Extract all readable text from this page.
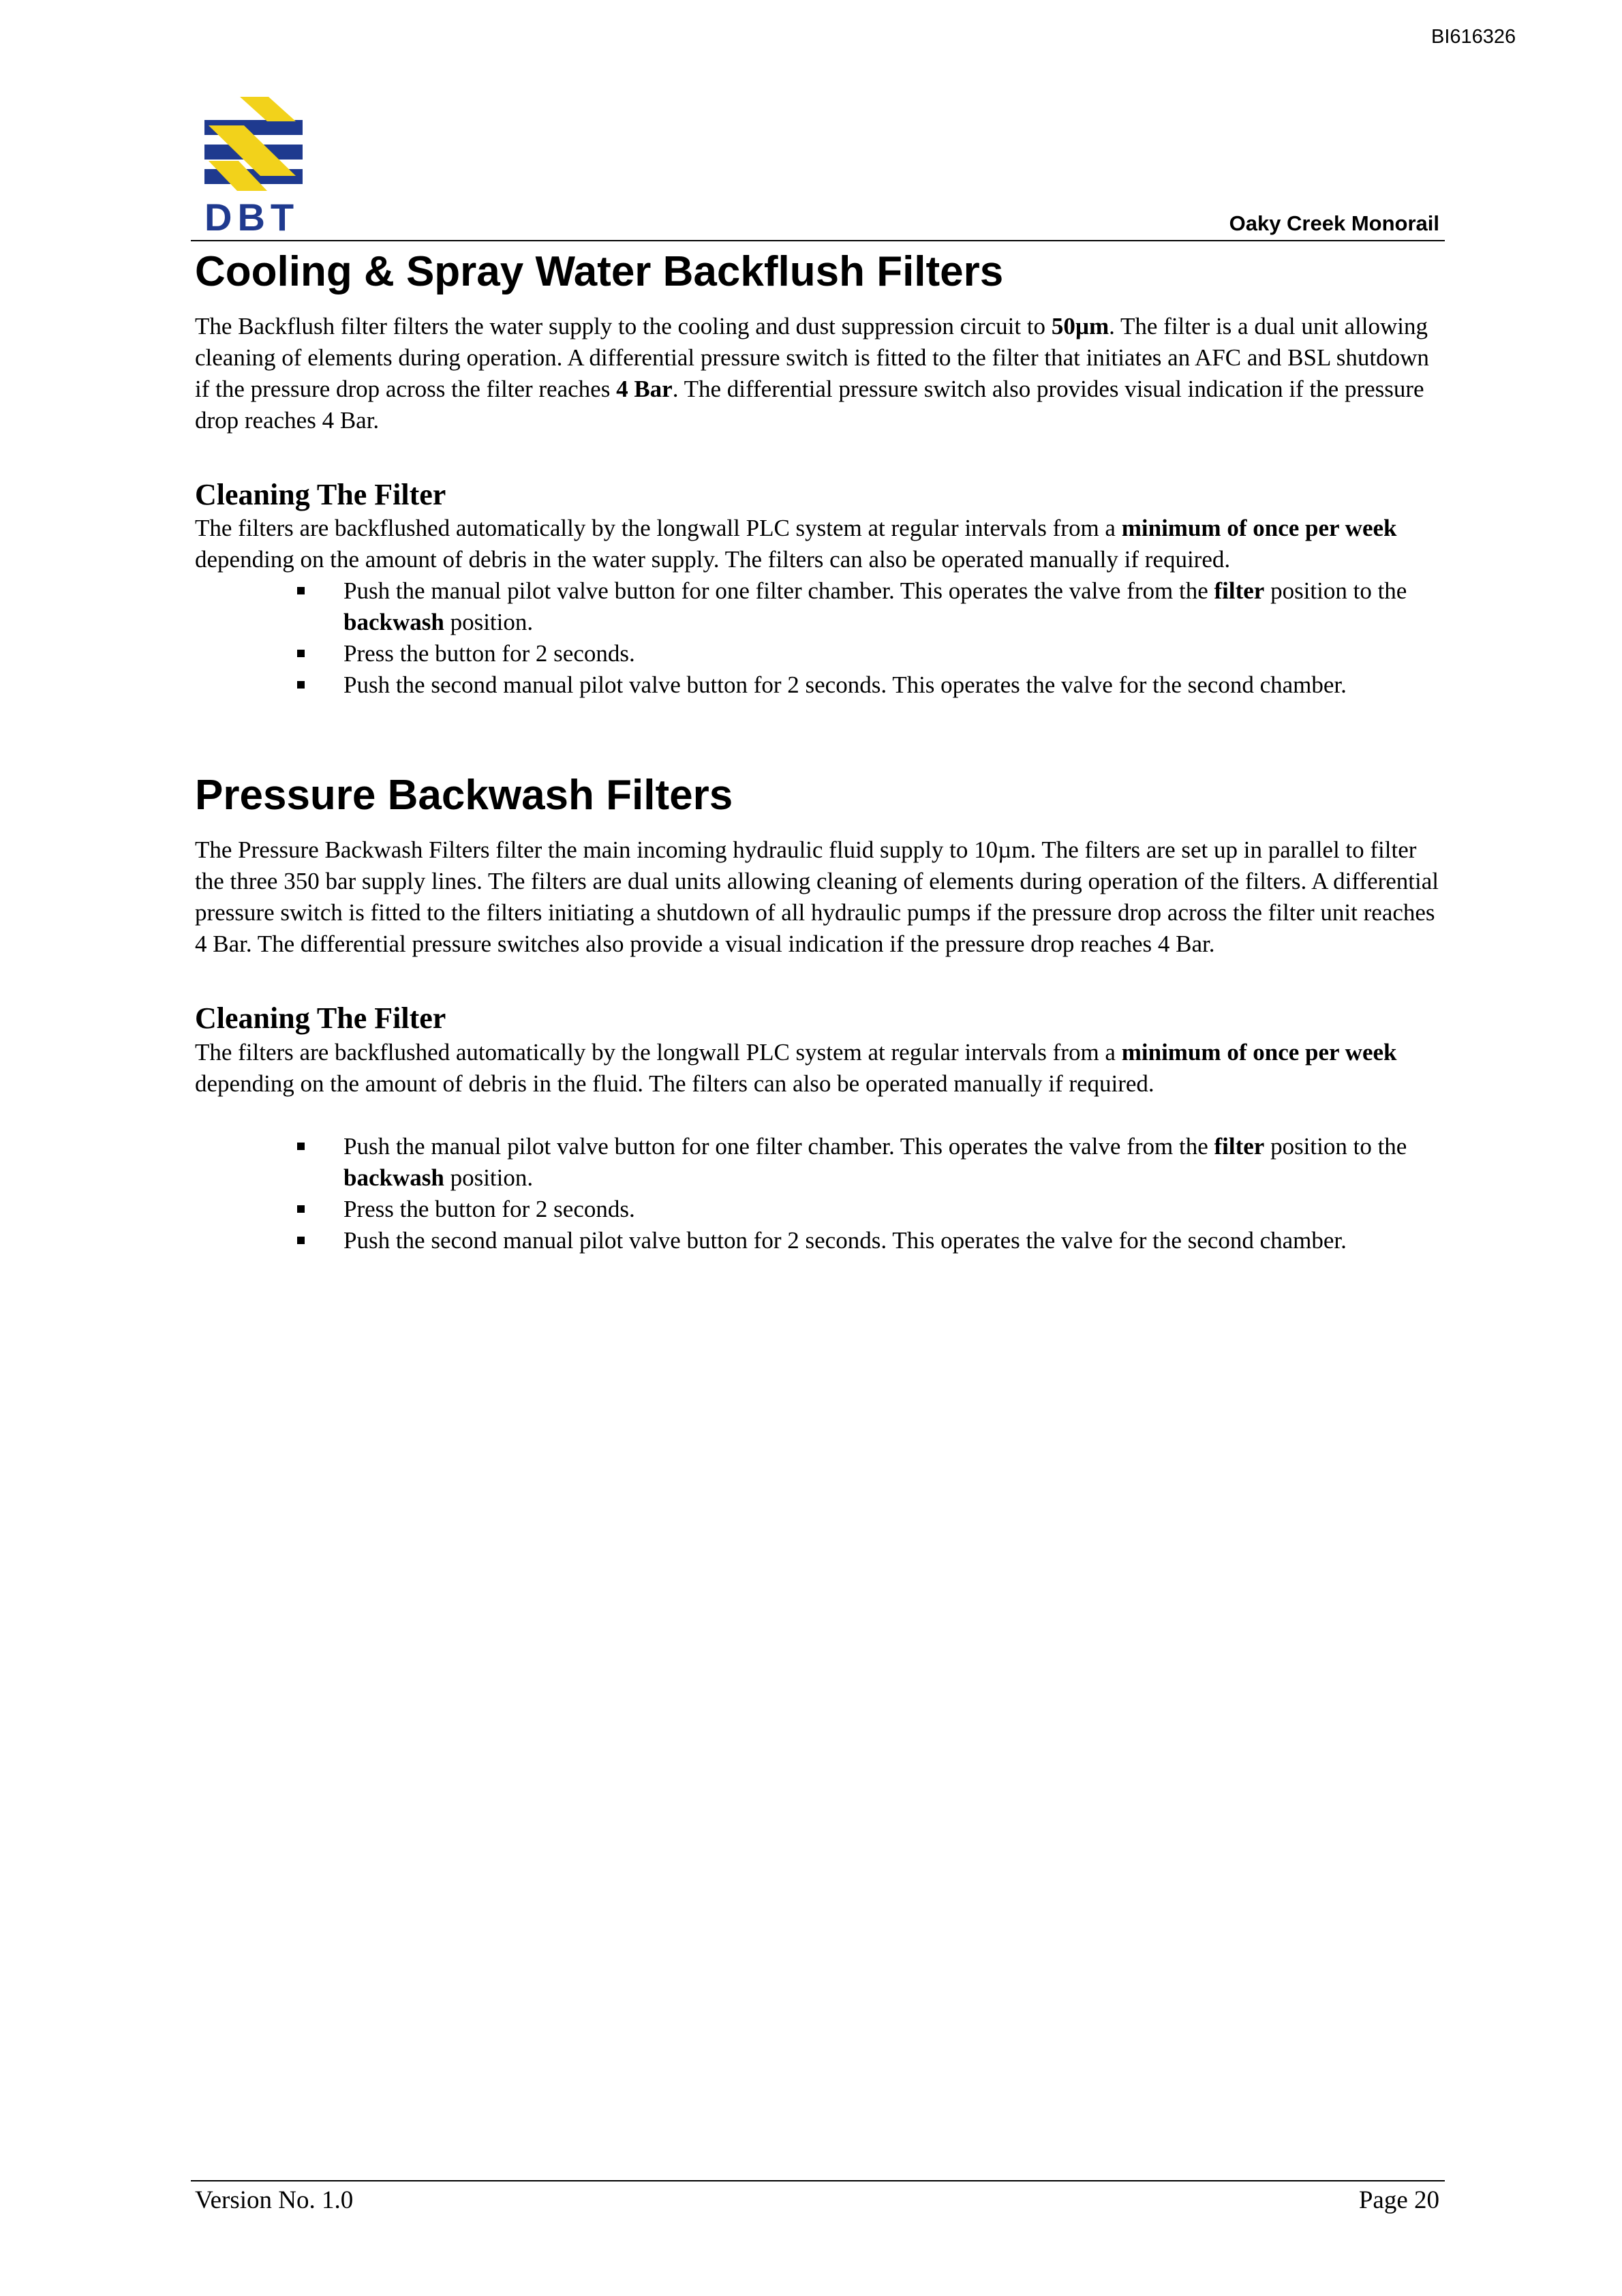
BI616326
DBT	Oaky Creek Monorail
Cooling & Spray Water Backflush Filters

The Backflush filter filters the water supply to the cooling and dust suppression circuit to 50µm. The filter is a dual unit allowing cleaning of elements during operation. A differential pressure switch is fitted to the filter that initiates an AFC and BSL shutdown if the pressure drop across the filter reaches 4 Bar. The differential pressure switch also provides visual indication if the pressure drop reaches 4 Bar.

Cleaning The Filter

The filters are backflushed automatically by the longwall PLC system at regular intervals from a minimum of once per week depending on the amount of debris in the water supply. The filters can also be operated manually if required.

Push the manual pilot valve button for one filter chamber. This operates the valve from the filter position to the backwash position.
Press the button for 2 seconds.
Push the second manual pilot valve button for 2 seconds. This operates the valve for the second chamber.
Pressure Backwash Filters

The Pressure Backwash Filters filter the main incoming hydraulic fluid supply to 10µm. The filters are set up in parallel to filter the three 350 bar supply lines. The filters are dual units allowing cleaning of elements during operation of the filters. A differential pressure switch is fitted to the filters initiating a shutdown of all hydraulic pumps if the pressure drop across the filter unit reaches 4 Bar. The differential pressure switches also provide a visual indication if the pressure drop reaches 4 Bar.

Cleaning The Filter

The filters are backflushed automatically by the longwall PLC system at regular intervals from a minimum of once per week depending on the amount of debris in the fluid. The filters can also be operated manually if required.

Push the manual pilot valve button for one filter chamber. This operates the valve from the filter position to the backwash position.
Press the button for 2 seconds.
Push the second manual pilot valve button for 2 seconds. This operates the valve for the second chamber.
Version No. 1.0	Page 20
